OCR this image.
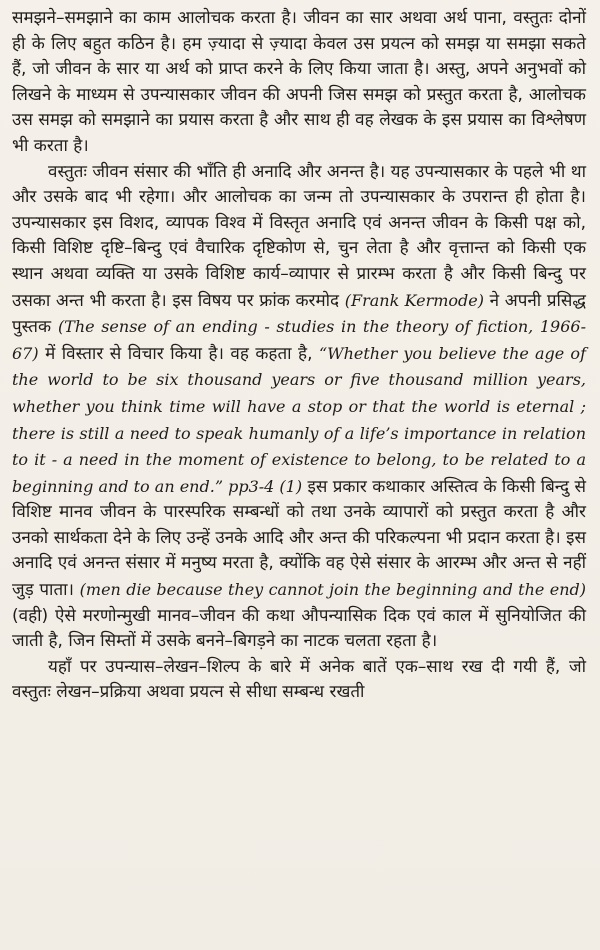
समझने–समझाने का काम आलोचक करता है। जीवन का सार अथवा अर्थ पाना, वस्तुतः दोनों ही के लिए बहुत कठिन है। हम ज़्यादा से ज़्यादा केवल उस प्रयत्न को समझ या समझा सकते हैं, जो जीवन के सार या अर्थ को प्राप्त करने के लिए किया जाता है। अस्तु, अपने अनुभवों को लिखने के माध्यम से उपन्यासकार जीवन की अपनी जिस समझ को प्रस्तुत करता है, आलोचक उस समझ को समझाने का प्रयास करता है और साथ ही वह लेखक के इस प्रयास का विश्लेषण भी करता है।

वस्तुतः जीवन संसार की भाँति ही अनादि और अनन्त है। यह उपन्यासकार के पहले भी था और उसके बाद भी रहेगा। और आलोचक का जन्म तो उपन्यासकार के उपरान्त ही होता है। उपन्यासकार इस विशद, व्यापक विश्व में विस्तृत अनादि एवं अनन्त जीवन के किसी पक्ष को, किसी विशिष्ट दृष्टि–बिन्दु एवं वैचारिक दृष्टिकोण से, चुन लेता है और वृत्तान्त को किसी एक स्थान अथवा व्यक्ति या उसके विशिष्ट कार्य–व्यापार से प्रारम्भ करता है और किसी बिन्दु पर उसका अन्त भी करता है। इस विषय पर फ्रांक करमोद (Frank Kermode) ने अपनी प्रसिद्ध पुस्तक (The sense of an ending - studies in the theory of fiction, 1966-67) में विस्तार से विचार किया है। वह कहता है, “Whether you believe the age of the world to be six thousand years or five thousand million years, whether you think time will have a stop or that the world is eternal ; there is still a need to speak humanly of a life’s importance in relation to it - a need in the moment of existence to belong, to be related to a beginning and to an end.” pp3-4 (1) इस प्रकार कथाकार अस्तित्व के किसी बिन्दु से विशिष्ट मानव जीवन के पारस्परिक सम्बन्धों को तथा उनके व्यापारों को प्रस्तुत करता है और उनको सार्थकता देने के लिए उन्हें उनके आदि और अन्त की परिकल्पना भी प्रदान करता है। इस अनादि एवं अनन्त संसार में मनुष्य मरता है, क्योंकि वह ऐसे संसार के आरम्भ और अन्त से नहीं जुड़ पाता। (men die because they cannot join the beginning and the end) (वही) ऐसे मरणोन्मुखी मानव–जीवन की कथा औपन्यासिक दिक एवं काल में सुनियोजित की जाती है, जिन सिम्तों में उसके बनने–बिगड़ने का नाटक चलता रहता है।

यहाँ पर उपन्यास–लेखन–शिल्प के बारे में अनेक बातें एक–साथ रख दी गयी हैं, जो वस्तुतः लेखन–प्रक्रिया अथवा प्रयत्न से सीधा सम्बन्ध रखती
